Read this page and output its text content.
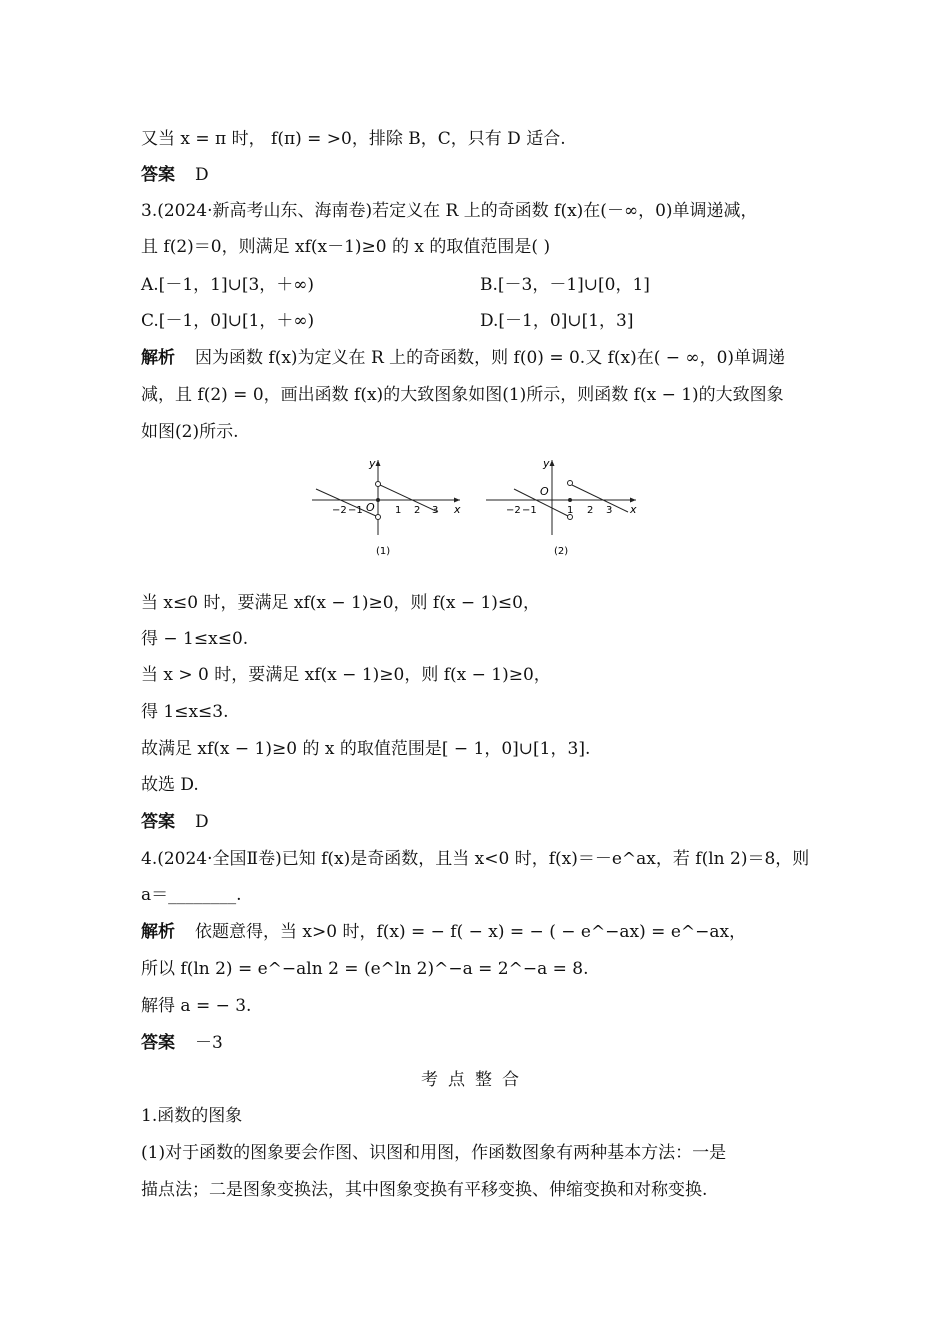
又当 x = π 时， f(π) = >0，排除 B，C，只有 D 适合.
答案 D
3.(2024·新高考山东、海南卷)若定义在 R 上的奇函数 f(x)在(－∞，0)单调递减，
且 f(2)＝0，则满足 xf(x－1)≥0 的 x 的取值范围是( )
A.[－1，1]∪[3，＋∞)	B.[－3，－1]∪[0，1]
C.[－1，0]∪[1，＋∞)	D.[－1，0]∪[1，3]
解析 因为函数 f(x)为定义在 R 上的奇函数，则 f(0) = 0.又 f(x)在( − ∞，0)单调递
减，且 f(2) = 0，画出函数 f(x)的大致图象如图(1)所示，则函数 f(x − 1)的大致图象
如图(2)所示.
y
x
O
−2 −1	1 2 3
(1)
y
x
O
−2 −1	1 2 3
(2)
当 x≤0 时，要满足 xf(x − 1)≥0，则 f(x − 1)≤0，
得 − 1≤x≤0.
当 x > 0 时，要满足 xf(x − 1)≥0，则 f(x − 1)≥0，
得 1≤x≤3.
故满足 xf(x − 1)≥0 的 x 的取值范围是[ − 1，0]∪[1，3].
故选 D.
答案 D
4.(2024·全国Ⅱ卷)已知 f(x)是奇函数，且当 x<0 时，f(x)＝－e^ax，若 f(ln 2)＝8，则
a＝________.
解析 依题意得，当 x>0 时，f(x) = − f( − x) = − ( − e^−ax) = e^−ax，
所以 f(ln 2) = e^−aln 2 = (e^ln 2)^−a = 2^−a = 8.
解得 a = − 3.
答案 －3
考点整合
1.函数的图象
(1)对于函数的图象要会作图、识图和用图，作函数图象有两种基本方法：一是
描点法；二是图象变换法，其中图象变换有平移变换、伸缩变换和对称变换.
